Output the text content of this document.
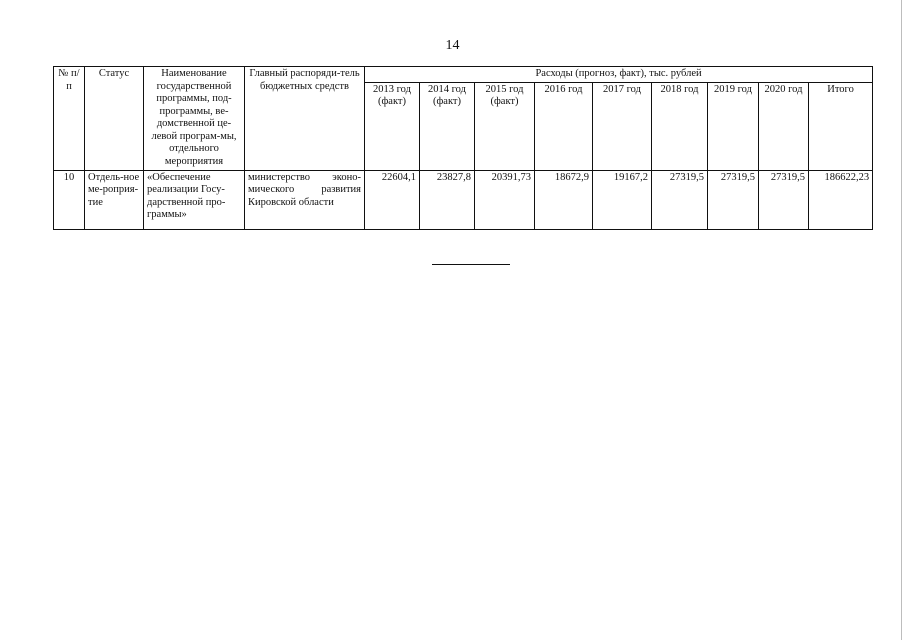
14
№ п/п	Статус	Наименование государственной программы, под-программы, ве-домственной це-левой програм-мы, отдельного мероприятия	Главный распоряди-тель бюджетных средств	Расходы (прогноз, факт), тыс. рублей								
				2013 год (факт)	2014 год (факт)	2015 год (факт)	2016 год	2017 год	2018 год	2019 год	2020 год	Итого
10	Отдель-ное ме-роприя-тие	«Обеспечение реализации Госу-дарственной про-граммы»	министерство эконо-мического развития Кировской области	22604,1	23827,8	20391,73	18672,9	19167,2	27319,5	27319,5	27319,5	186622,23
